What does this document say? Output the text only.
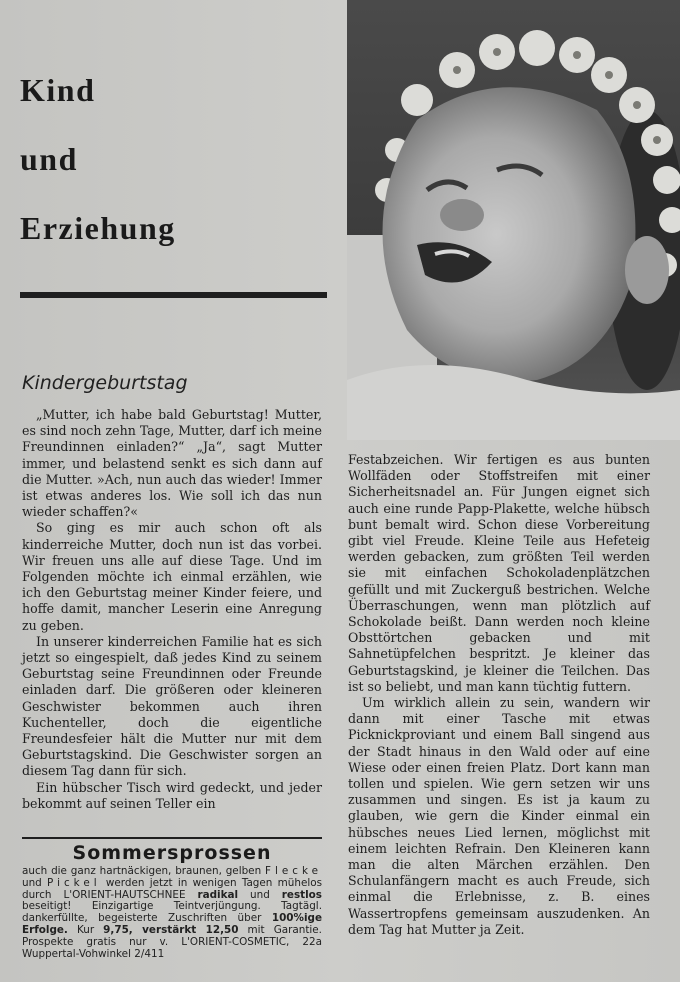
Kind
und
Erziehung
Kindergeburtstag

„Mutter, ich habe bald Geburtstag! Mutter, es sind noch zehn Tage, Mutter, darf ich meine Freundinnen einladen?“ „Ja“, sagt Mutter immer, und belastend senkt es sich dann auf die Mutter. »Ach, nun auch das wieder! Immer ist etwas anderes los. Wie soll ich das nun wieder schaffen?«

So ging es mir auch schon oft als kinderreiche Mutter, doch nun ist das vorbei. Wir freuen uns alle auf diese Tage. Und im Folgenden möchte ich einmal erzählen, wie ich den Geburtstag meiner Kinder feiere, und hoffe damit, mancher Leserin eine Anregung zu geben.

In unserer kinderreichen Familie hat es sich jetzt so eingespielt, daß jedes Kind zu seinem Geburtstag seine Freundinnen oder Freunde einladen darf. Die größeren oder kleineren Geschwister bekommen auch ihren Kuchenteller, doch die eigentliche Freundesfeier hält die Mutter nur mit dem Geburtstagskind. Die Geschwister sorgen an diesem Tag dann für sich.

Ein hübscher Tisch wird gedeckt, und jeder bekommt auf seinen Teller ein

Sommersprossen
auch die ganz hartnäckigen, braunen, gelben Flecke und Pickel werden jetzt in wenigen Tagen mühelos durch L'ORIENT-HAUTSCHNEE radikal und restlos beseitigt! Einzigartige Teintverjüngung. Tagtägl. dankerfüllte, begeisterte Zuschriften über 100%ige Erfolge. Kur 9,75, verstärkt 12,50 mit Garantie. Prospekte gratis nur v. L'ORIENT-COSMETIC, 22a Wuppertal-Vohwinkel 2/411

Festabzeichen. Wir fertigen es aus bunten Wollfäden oder Stoffstreifen mit einer Sicherheitsnadel an. Für Jungen eignet sich auch eine runde Papp-Plakette, welche hübsch bunt bemalt wird. Schon diese Vorbereitung gibt viel Freude. Kleine Teile aus Hefeteig werden gebacken, zum größten Teil werden sie mit einfachen Schokoladenplätzchen gefüllt und mit Zuckerguß bestrichen. Welche Überraschungen, wenn man plötzlich auf Schokolade beißt. Dann werden noch kleine Obsttörtchen gebacken und mit Sahnetüpfelchen bespritzt. Je kleiner das Geburtstagskind, je kleiner die Teilchen. Das ist so beliebt, und man kann tüchtig futtern.

Um wirklich allein zu sein, wandern wir dann mit einer Tasche mit etwas Picknickproviant und einem Ball singend aus der Stadt hinaus in den Wald oder auf eine Wiese oder einen freien Platz. Dort kann man tollen und spielen. Wie gern setzen wir uns zusammen und singen. Es ist ja kaum zu glauben, wie gern die Kinder einmal ein hübsches neues Lied lernen, möglichst mit einem leichten Refrain. Den Kleineren kann man die alten Märchen erzählen. Den Schulanfängern macht es auch Freude, sich einmal die Erlebnisse, z. B. eines Wassertropfens gemeinsam auszudenken. An dem Tag hat Mutter ja Zeit.
